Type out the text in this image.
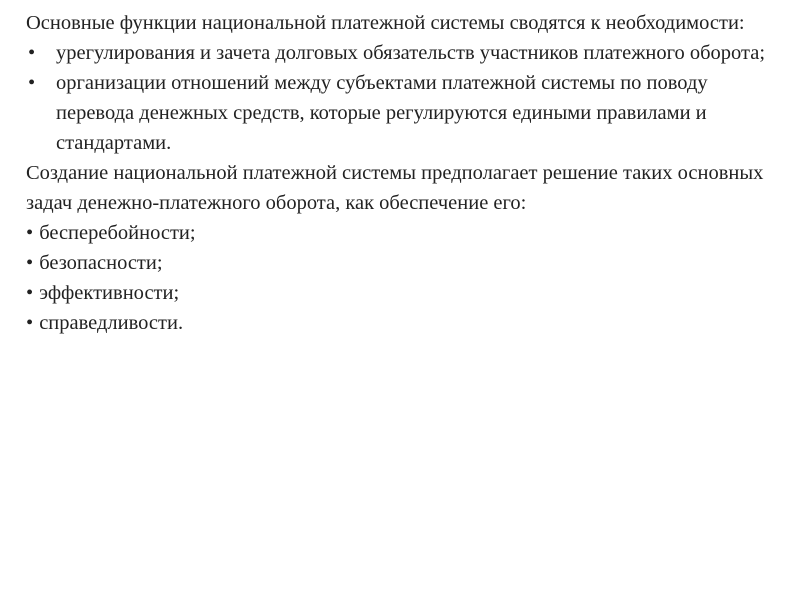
Основные функции национальной платежной системы сводятся к необходимости:

• урегулирования и зачета долговых обязательств участников платежного оборота;
• организации отношений между субъектами платежной системы по поводу перевода денежных средств, которые регулируются едиными правилами и стандартами.

Создание национальной платежной системы предполагает решение таких основных задач денежно-платежного оборота, как обеспечение его:

• бесперебойности;
• безопасности;
• эффективности;
• справедливости.
